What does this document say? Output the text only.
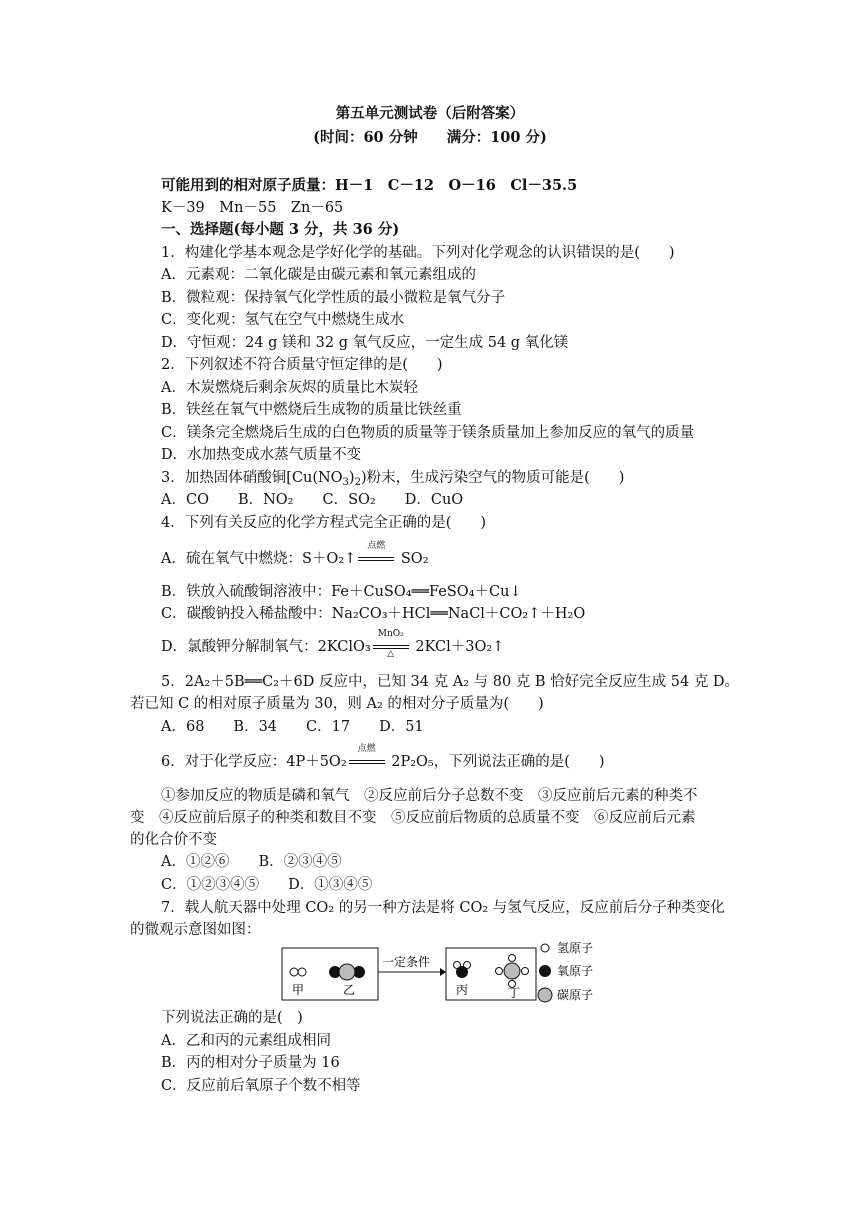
第五单元测试卷（后附答案）
(时间：60 分钟　　满分：100 分)
可能用到的相对原子质量：H－1　C－12　O－16　Cl－35.5
K－39　Mn－55　Zn－65
一、选择题(每小题 3 分，共 36 分)
1．构建化学基本观念是学好化学的基础。下列对化学观念的认识错误的是(　　)
A．元素观：二氧化碳是由碳元素和氧元素组成的
B．微粒观：保持氧气化学性质的最小微粒是氧气分子
C．变化观：氢气在空气中燃烧生成水
D．守恒观：24 g 镁和 32 g 氧气反应，一定生成 54 g 氧化镁
2．下列叙述不符合质量守恒定律的是(　　)
A．木炭燃烧后剩余灰烬的质量比木炭轻
B．铁丝在氧气中燃烧后生成物的质量比铁丝重
C．镁条完全燃烧后生成的白色物质的质量等于镁条质量加上参加反应的氧气的质量
D．水加热变成水蒸气质量不变
3．加热固体硝酸铜$[Cu(NO_3)_2)$粉末，生成污染空气的物质可能是(　　)
A．CO　　B．NO₂　　C．SO₂　　D．CuO
4．下列有关反应的化学方程式完全正确的是(　　)
A．硫在氧气中燃烧：S＋O₂↑
点燃
SO₂
B．铁放入硫酸铜溶液中：Fe＋CuSO₄══FeSO₄＋Cu↓
C．碳酸钠投入稀盐酸中：Na₂CO₃＋HCl══NaCl＋CO₂↑＋H₂O
D．氯酸钾分解制氧气：2KClO₃
MnO₂
△	2KCl＋3O₂↑
5．2A₂＋5B══C₂＋6D 反应中，已知 34 克 A₂ 与 80 克 B 恰好完全反应生成 54 克 D。
若已知 C 的相对原子质量为 30，则 A₂ 的相对分子质量为(　　)
A．68　　B．34　　C．17　　D．51
6．对于化学反应：4P＋5O₂
点燃
2P₂O₅，下列说法正确的是(　　)
①参加反应的物质是磷和氧气　②反应前后分子总数不变　③反应前后元素的种类不
变　④反应前后原子的种类和数目不变　⑤反应前后物质的总质量不变　⑥反应前后元素
的化合价不变
A．①②⑥　　B．②③④⑤
C．①②③④⑤　　D．①③④⑤
7．载人航天器中处理 CO₂ 的另一种方法是将 CO₂ 与氢气反应，反应前后分子种类变化
的微观示意图如图：
甲	乙
一定条件
丙	丁
氢原子
氧原子
碳原子
下列说法正确的是(　)
A．乙和丙的元素组成相同
B．丙的相对分子质量为 16
C．反应前后氧原子个数不相等
